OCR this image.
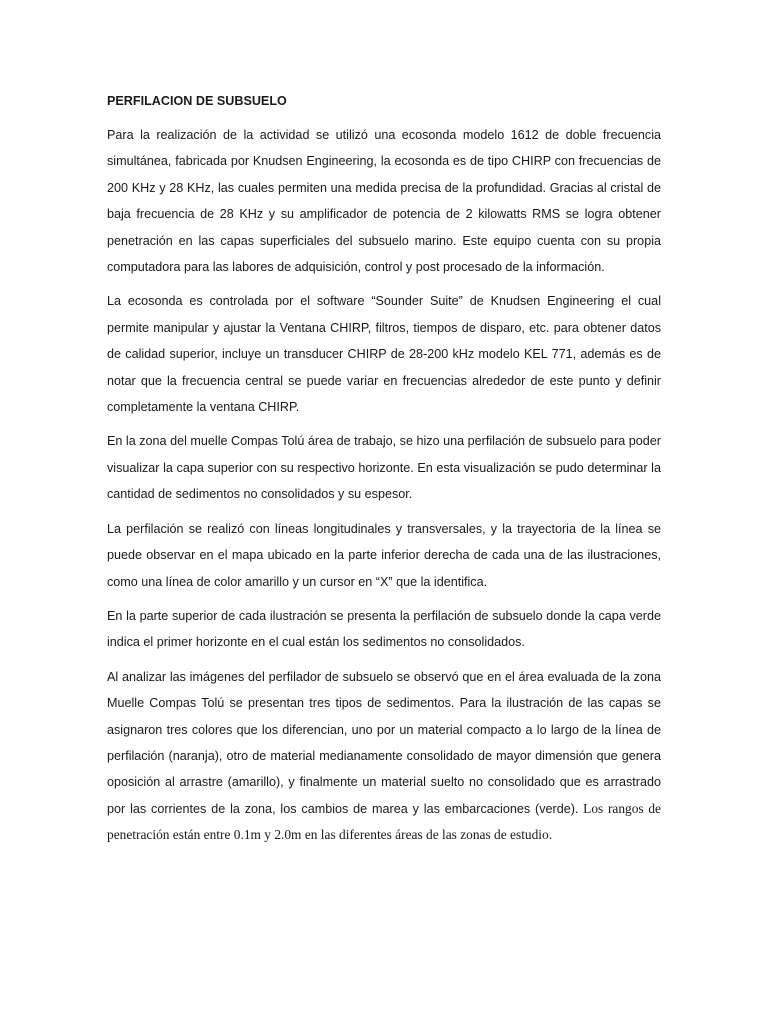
PERFILACION DE SUBSUELO

Para la realización de la actividad se utilizó una ecosonda modelo 1612 de doble frecuencia simultánea, fabricada por Knudsen Engineering, la ecosonda es de tipo CHIRP con frecuencias de 200 KHz y 28 KHz, las cuales permiten una medida precisa de la profundidad. Gracias al cristal de baja frecuencia de 28 KHz y su amplificador de potencia de 2 kilowatts RMS se logra obtener penetración en las capas superficiales del subsuelo marino. Este equipo cuenta con su propia computadora para las labores de adquisición, control y post procesado de la información.

La ecosonda es controlada por el software “Sounder Suite” de Knudsen Engineering el cual permite manipular y ajustar la Ventana CHIRP, filtros, tiempos de disparo, etc. para obtener datos de calidad superior, incluye un transducer CHIRP de 28-200 kHz modelo KEL 771, además es de notar que la frecuencia central se puede variar en frecuencias alrededor de este punto y definir completamente la ventana CHIRP.

En la zona del muelle Compas Tolú área de trabajo, se hizo una perfilación de subsuelo para poder visualizar la capa superior con su respectivo horizonte. En esta visualización se pudo determinar la cantidad de sedimentos no consolidados y su espesor.

La perfilación se realizó con líneas longitudinales y transversales, y la trayectoria de la línea se puede observar en el mapa ubicado en la parte inferior derecha de cada una de las ilustraciones, como una línea de color amarillo y un cursor en “X” que la identifica.

En la parte superior de cada ilustración se presenta la perfilación de subsuelo donde la capa verde indica el primer horizonte en el cual están los sedimentos no consolidados.

Al analizar las imágenes del perfilador de subsuelo se observó que en el área evaluada de la zona Muelle Compas Tolú se presentan tres tipos de sedimentos. Para la ilustración de las capas se asignaron tres colores que los diferencian, uno por un material compacto a lo largo de la línea de perfilación (naranja), otro de material medianamente consolidado de mayor dimensión que genera oposición al arrastre (amarillo), y finalmente un material suelto no consolidado que es arrastrado por las corrientes de la zona, los cambios de marea y las embarcaciones (verde). Los rangos de penetración están entre 0.1m y 2.0m en las diferentes áreas de las zonas de estudio.
